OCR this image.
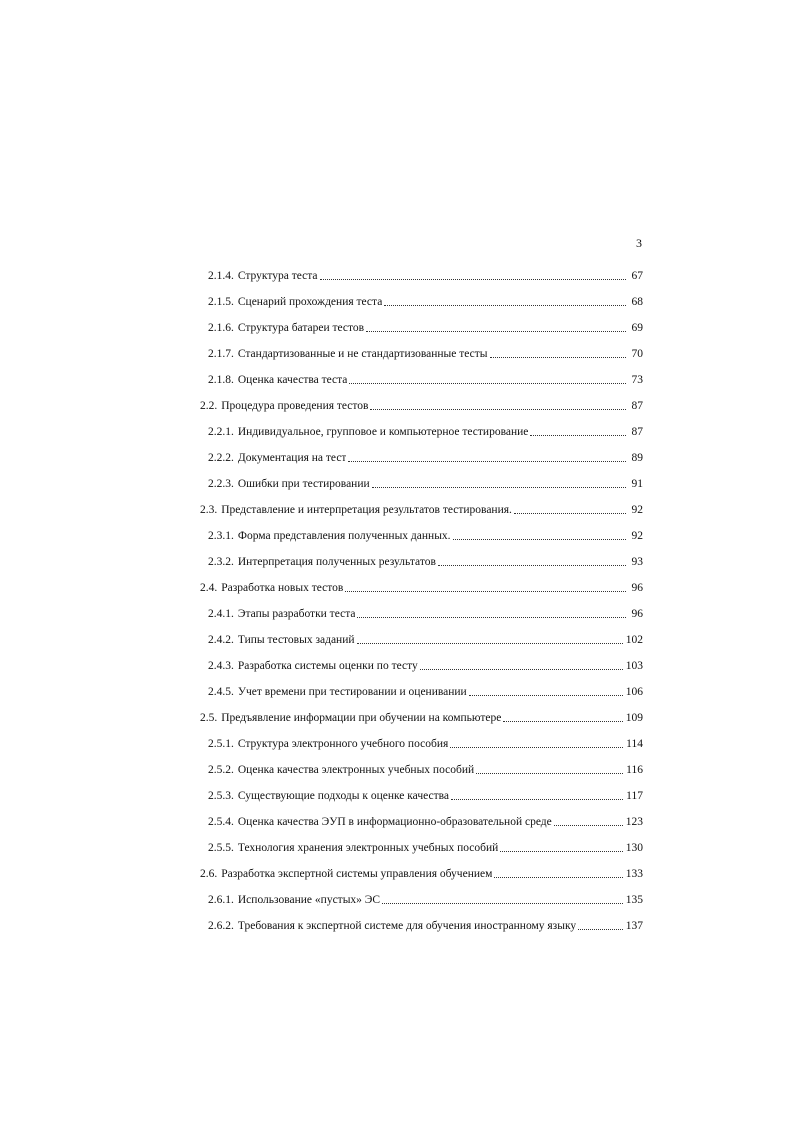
3
2.1.4. Структура теста	67
2.1.5. Сценарий прохождения теста	68
2.1.6. Структура батареи тестов	69
2.1.7. Стандартизованные и не стандартизованные тесты	70
2.1.8. Оценка качества теста	73
2.2. Процедура проведения тестов	87
2.2.1. Индивидуальное, групповое и компьютерное тестирование	87
2.2.2. Документация на тест	89
2.2.3. Ошибки при тестировании	91
2.3. Представление и интерпретация результатов тестирования.	92
2.3.1. Форма представления полученных данных.	92
2.3.2. Интерпретация полученных результатов	93
2.4. Разработка новых тестов	96
2.4.1. Этапы разработки теста	96
2.4.2. Типы тестовых заданий	102
2.4.3. Разработка системы оценки по тесту	103
2.4.5. Учет времени при тестировании и оценивании	106
2.5. Предъявление информации при обучении на компьютере	109
2.5.1. Структура электронного учебного пособия	114
2.5.2. Оценка качества электронных учебных пособий	116
2.5.3. Существующие подходы к оценке качества	117
2.5.4. Оценка качества ЭУП в информационно-образовательной среде	123
2.5.5. Технология хранения электронных учебных пособий	130
2.6. Разработка экспертной системы управления обучением	133
2.6.1. Использование «пустых» ЭС	135
2.6.2. Требования к экспертной системе для обучения иностранному языку	137
